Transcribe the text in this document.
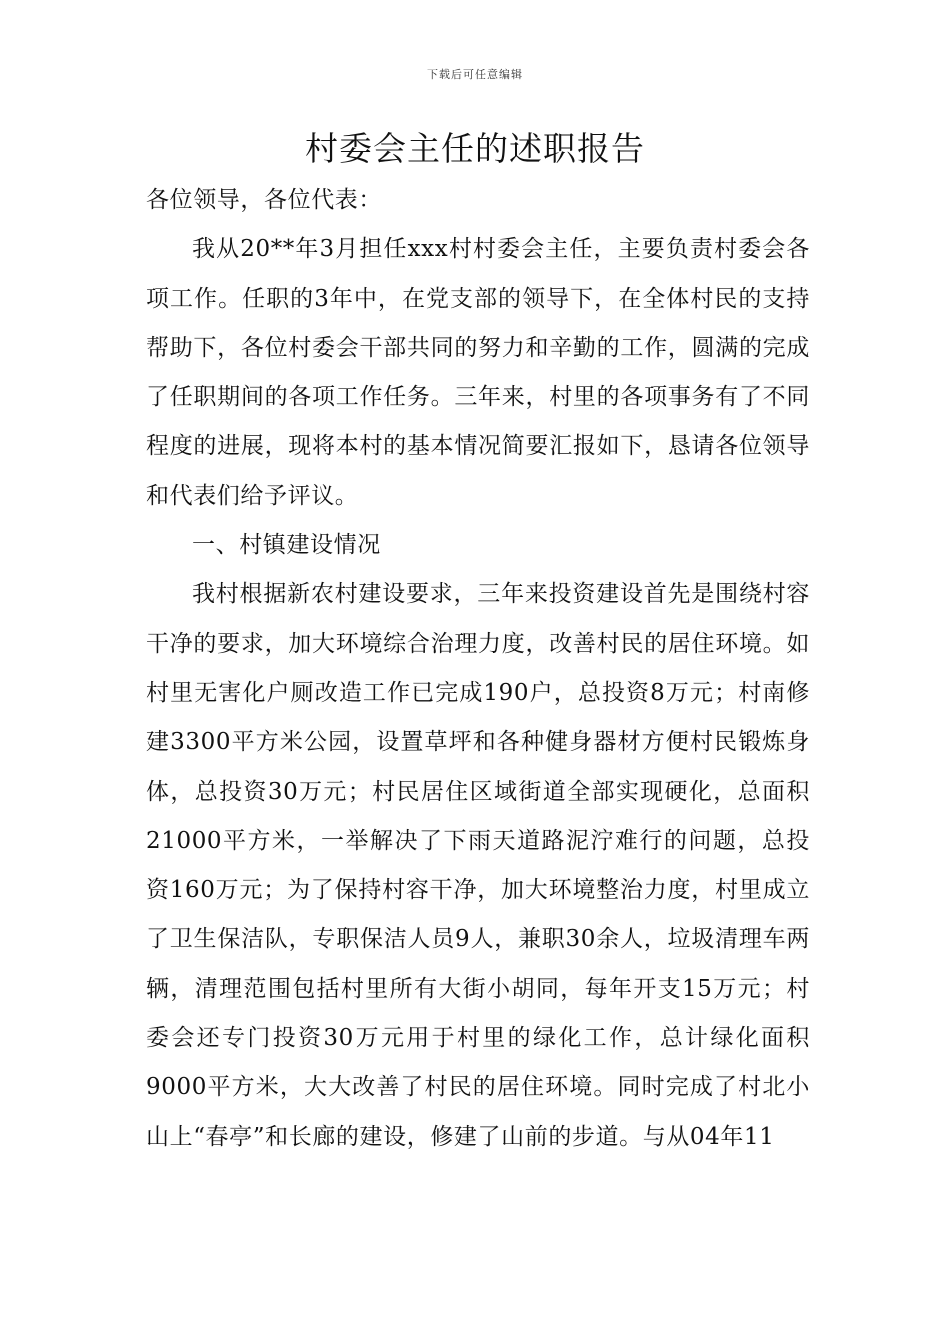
下载后可任意编辑
村委会主任的述职报告

各位领导，各位代表：

我从20**年3月担任xxx村村委会主任，主要负责村委会各项工作。任职的3年中，在党支部的领导下，在全体村民的支持帮助下，各位村委会干部共同的努力和辛勤的工作，圆满的完成了任职期间的各项工作任务。三年来，村里的各项事务有了不同程度的进展，现将本村的基本情况简要汇报如下，恳请各位领导和代表们给予评议。

一、村镇建设情况

我村根据新农村建设要求，三年来投资建设首先是围绕村容干净的要求，加大环境综合治理力度，改善村民的居住环境。如村里无害化户厕改造工作已完成190户，总投资8万元；村南修建3300平方米公园，设置草坪和各种健身器材方便村民锻炼身体，总投资30万元；村民居住区域街道全部实现硬化，总面积21000平方米，一举解决了下雨天道路泥泞难行的问题，总投资160万元；为了保持村容干净，加大环境整治力度，村里成立了卫生保洁队，专职保洁人员9人，兼职30余人，垃圾清理车两辆，清理范围包括村里所有大街小胡同，每年开支15万元；村委会还专门投资30万元用于村里的绿化工作，总计绿化面积9000平方米，大大改善了村民的居住环境。同时完成了村北小山上“春亭”和长廊的建设，修建了山前的步道。与从04年11
